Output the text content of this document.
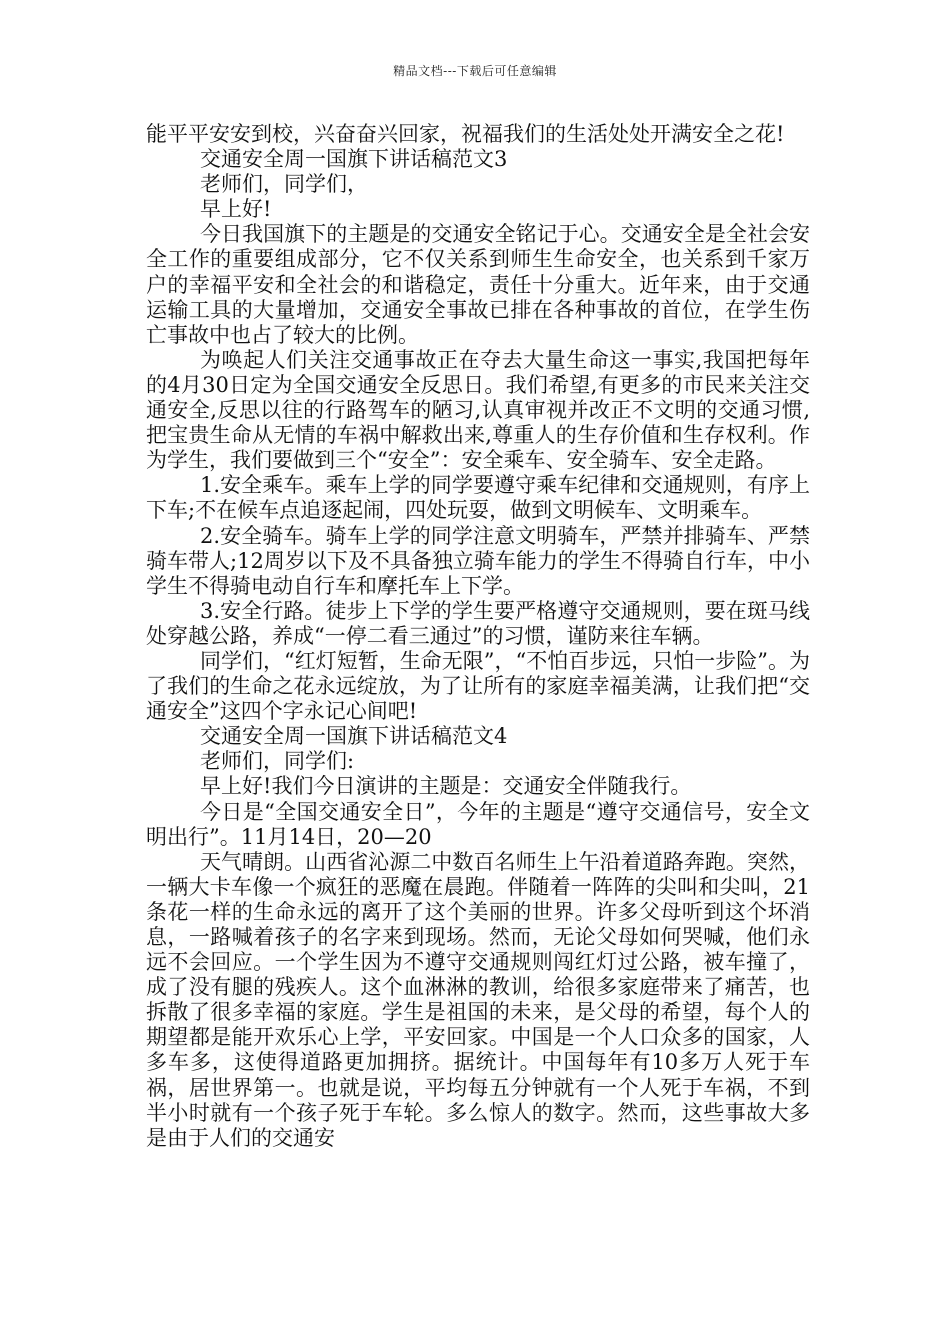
精品文档---下载后可任意编辑

能平平安安到校，兴奋奋兴回家，祝福我们的生活处处开满安全之花!

交通安全周一国旗下讲话稿范文3

老师们，同学们，

早上好!

今日我国旗下的主题是的交通安全铭记于心。交通安全是全社会安全工作的重要组成部分，它不仅关系到师生生命安全，也关系到千家万户的幸福平安和全社会的和谐稳定，责任十分重大。近年来，由于交通运输工具的大量增加，交通安全事故已排在各种事故的首位，在学生伤亡事故中也占了较大的比例。

为唤起人们关注交通事故正在夺去大量生命这一事实,我国把每年的4月30日定为全国交通安全反思日。我们希望,有更多的市民来关注交通安全,反思以往的行路驾车的陋习,认真审视并改正不文明的交通习惯,把宝贵生命从无情的车祸中解救出来,尊重人的生存价值和生存权利。作为学生，我们要做到三个“安全”：安全乘车、安全骑车、安全走路。

1.安全乘车。乘车上学的同学要遵守乘车纪律和交通规则，有序上下车;不在候车点追逐起闹，四处玩耍，做到文明候车、文明乘车。

2.安全骑车。骑车上学的同学注意文明骑车，严禁并排骑车、严禁骑车带人;12周岁以下及不具备独立骑车能力的学生不得骑自行车，中小学生不得骑电动自行车和摩托车上下学。

3.安全行路。徒步上下学的学生要严格遵守交通规则，要在斑马线处穿越公路，养成“一停二看三通过”的习惯，谨防来往车辆。

同学们，“红灯短暂，生命无限”，“不怕百步远，只怕一步险”。为了我们的生命之花永远绽放，为了让所有的家庭幸福美满，让我们把“交通安全”这四个字永记心间吧!

交通安全周一国旗下讲话稿范文4

老师们，同学们:

早上好!我们今日演讲的主题是：交通安全伴随我行。

今日是“全国交通安全日”，今年的主题是“遵守交通信号，安全文明出行”。11月14日，20—20

天气晴朗。山西省沁源二中数百名师生上午沿着道路奔跑。突然，一辆大卡车像一个疯狂的恶魔在晨跑。伴随着一阵阵的尖叫和尖叫，21条花一样的生命永远的离开了这个美丽的世界。许多父母听到这个坏消息，一路喊着孩子的名字来到现场。然而，无论父母如何哭喊，他们永远不会回应。一个学生因为不遵守交通规则闯红灯过公路，被车撞了，成了没有腿的残疾人。这个血淋淋的教训，给很多家庭带来了痛苦，也拆散了很多幸福的家庭。学生是祖国的未来，是父母的希望，每个人的期望都是能开欢乐心上学，平安回家。中国是一个人口众多的国家，人多车多，这使得道路更加拥挤。据统计。中国每年有10多万人死于车祸，居世界第一。也就是说，平均每五分钟就有一个人死于车祸，不到半小时就有一个孩子死于车轮。多么惊人的数字。然而，这些事故大多是由于人们的交通安
